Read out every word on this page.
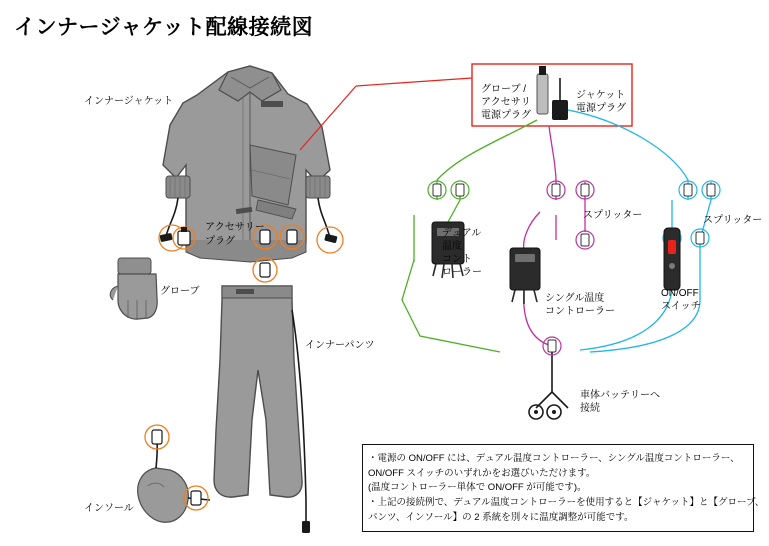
インナージャケット配線接続図
インナージャケット
アクセサリー
プラグ
グローブ
インナーパンツ
インソール
グローブ /
アクセサリ
電源プラグ
ジャケット
電源プラグ
デュアル
温度
コント
ローラー
シングル温度
コントローラー
スプリッター	スプリッター
ON/OFF
スイッチ
車体バッテリーへ
接続
・電源の ON/OFF には、デュアル温度コントローラー、シングル温度コントローラー、
ON/OFF スイッチのいずれかをお選びいただけます。
(温度コントローラー単体で ON/OFF が可能です)。
・上記の接続例で、デュアル温度コントローラーを使用すると【ジャケット】と【グローブ、
パンツ、インソール】の 2 系統を別々に温度調整が可能です。
